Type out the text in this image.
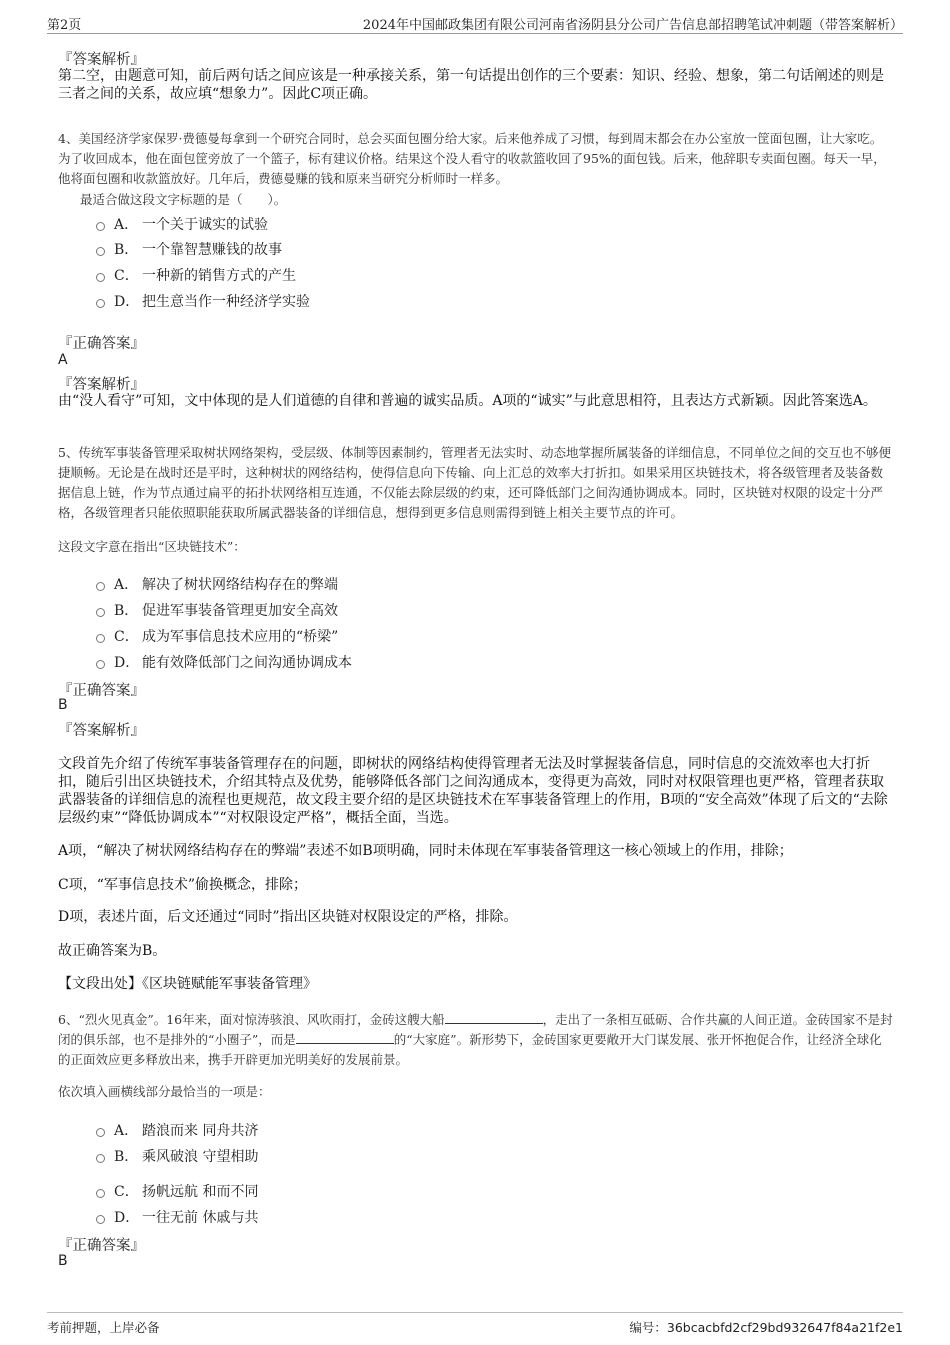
第2页	2024年中国邮政集团有限公司河南省汤阴县分公司广告信息部招聘笔试冲刺题（带答案解析）
『答案解析』
第二空，由题意可知，前后两句话之间应该是一种承接关系，第一句话提出创作的三个要素：知识、经验、想象，第二句话阐述的则是三者之间的关系，故应填“想象力”。因此C项正确。
4、美国经济学家保罗·费德曼每拿到一个研究合同时，总会买面包圈分给大家。后来他养成了习惯，每到周末都会在办公室放一筐面包圈，让大家吃。为了收回成本，他在面包筐旁放了一个篮子，标有建议价格。结果这个没人看守的收款篮收回了95%的面包钱。后来，他辞职专卖面包圈。每天一早，他将面包圈和收款篮放好。几年后，费德曼赚的钱和原来当研究分析师时一样多。
最适合做这段文字标题的是（　　）。
A． 一个关于诚实的试验
B． 一个靠智慧赚钱的故事
C． 一种新的销售方式的产生
D． 把生意当作一种经济学实验
『正确答案』
A
『答案解析』
由“没人看守”可知，文中体现的是人们道德的自律和普遍的诚实品质。A项的“诚实”与此意思相符，且表达方式新颖。因此答案选A。
5、传统军事装备管理采取树状网络架构，受层级、体制等因素制约，管理者无法实时、动态地掌握所属装备的详细信息，不同单位之间的交互也不够便捷顺畅。无论是在战时还是平时，这种树状的网络结构，使得信息向下传输、向上汇总的效率大打折扣。如果采用区块链技术，将各级管理者及装备数据信息上链，作为节点通过扁平的拓扑状网络相互连通，不仅能去除层级的约束，还可降低部门之间沟通协调成本。同时，区块链对权限的设定十分严格，各级管理者只能依照职能获取所属武器装备的详细信息，想得到更多信息则需得到链上相关主要节点的许可。
这段文字意在指出“区块链技术”：
A． 解决了树状网络结构存在的弊端
B． 促进军事装备管理更加安全高效
C． 成为军事信息技术应用的“桥梁”
D． 能有效降低部门之间沟通协调成本
『正确答案』
B
『答案解析』
文段首先介绍了传统军事装备管理存在的问题，即树状的网络结构使得管理者无法及时掌握装备信息，同时信息的交流效率也大打折扣，随后引出区块链技术，介绍其特点及优势，能够降低各部门之间沟通成本，变得更为高效，同时对权限管理也更严格，管理者获取武器装备的详细信息的流程也更规范，故文段主要介绍的是区块链技术在军事装备管理上的作用，B项的“安全高效”体现了后文的“去除层级约束”“降低协调成本”“对权限设定严格”，概括全面，当选。
A项，“解决了树状网络结构存在的弊端”表述不如B项明确，同时未体现在军事装备管理这一核心领域上的作用，排除；
C项，“军事信息技术”偷换概念，排除；
D项，表述片面，后文还通过“同时”指出区块链对权限设定的严格，排除。
故正确答案为B。
【文段出处】《区块链赋能军事装备管理》
6、“烈火见真金”。16年来，面对惊涛骇浪、风吹雨打，金砖这艘大船	，走出了一条相互砥砺、合作共赢的人间正道。金砖国家不是封闭的俱乐部，也不是排外的“小圈子”，而是	的“大家庭”。新形势下，金砖国家更要敞开大门谋发展、张开怀抱促合作，让经济全球化的正面效应更多释放出来，携手开辟更加光明美好的发展前景。
依次填入画横线部分最恰当的一项是：
A． 踏浪而来 同舟共济
B． 乘风破浪 守望相助
C． 扬帆远航 和而不同
D． 一往无前 休戚与共
『正确答案』
B
考前押题，上岸必备	编号：36bcacbfd2cf29bd932647f84a21f2e1
